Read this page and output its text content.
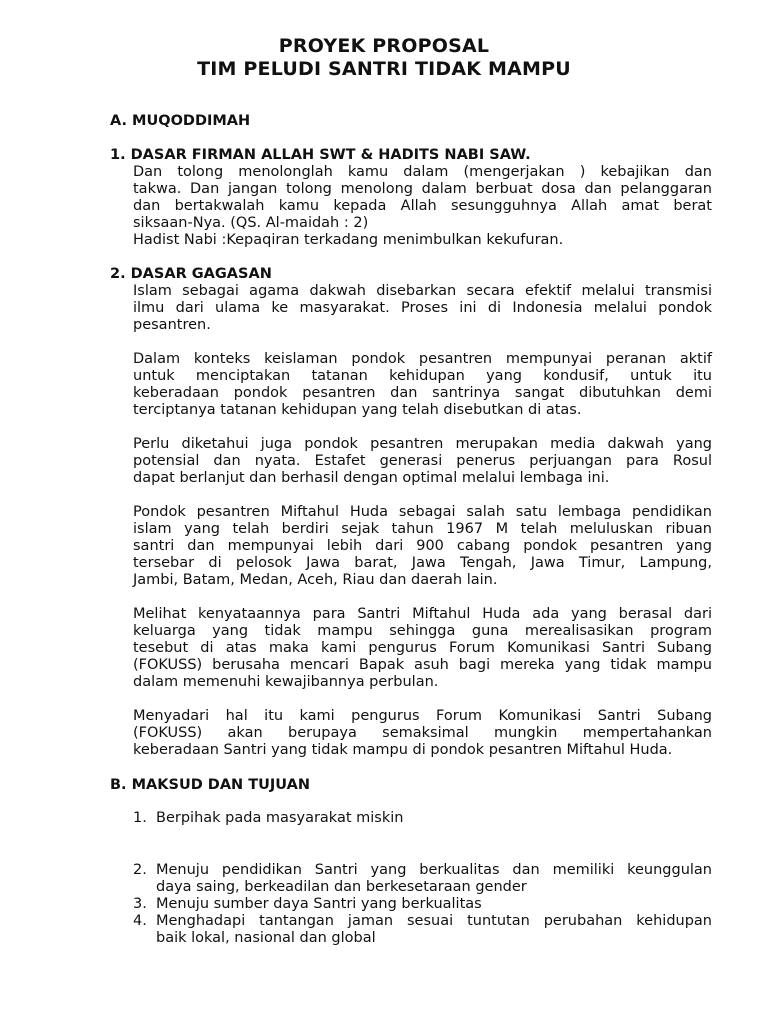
PROYEK PROPOSAL
TIM PELUDI SANTRI TIDAK MAMPU
A. MUQODDIMAH
1. DASAR FIRMAN ALLAH SWT & HADITS NABI SAW.
Dan tolong menolonglah kamu dalam (mengerjakan ) kebajikan dan
takwa. Dan jangan tolong menolong dalam berbuat dosa dan pelanggaran
dan bertakwalah kamu kepada Allah sesungguhnya Allah amat berat
siksaan-Nya. (QS. Al-maidah : 2)
Hadist Nabi :Kepaqiran terkadang menimbulkan kekufuran.
2. DASAR GAGASAN
Islam sebagai agama dakwah disebarkan secara efektif melalui transmisi
ilmu dari ulama ke masyarakat. Proses ini di Indonesia melalui pondok
pesantren.
Dalam konteks keislaman pondok pesantren mempunyai peranan aktif
untuk menciptakan tatanan kehidupan yang kondusif, untuk itu
keberadaan pondok pesantren dan santrinya sangat dibutuhkan demi
terciptanya tatanan kehidupan yang telah disebutkan di atas.
Perlu diketahui juga pondok pesantren merupakan media dakwah yang
potensial dan nyata. Estafet generasi penerus perjuangan para Rosul
dapat berlanjut dan berhasil dengan optimal melalui lembaga ini.
Pondok pesantren Miftahul Huda sebagai salah satu lembaga pendidikan
islam yang telah berdiri sejak tahun 1967 M telah meluluskan ribuan
santri dan mempunyai lebih dari 900 cabang pondok pesantren yang
tersebar di pelosok Jawa barat, Jawa Tengah, Jawa Timur, Lampung,
Jambi, Batam, Medan, Aceh, Riau dan daerah lain.
Melihat kenyataannya para Santri Miftahul Huda ada yang berasal dari
keluarga yang tidak mampu sehingga guna merealisasikan program
tesebut di atas maka kami pengurus Forum Komunikasi Santri Subang
(FOKUSS) berusaha mencari Bapak asuh bagi mereka yang tidak mampu
dalam memenuhi kewajibannya perbulan.
Menyadari hal itu kami pengurus Forum Komunikasi Santri Subang
(FOKUSS) akan berupaya semaksimal mungkin mempertahankan
keberadaan Santri yang tidak mampu di pondok pesantren Miftahul Huda.
B. MAKSUD DAN TUJUAN
1. Berpihak pada masyarakat miskin
2. Menuju pendidikan Santri yang berkualitas dan memiliki keunggulan
daya saing, berkeadilan dan berkesetaraan gender
3. Menuju sumber daya Santri yang berkualitas
4. Menghadapi tantangan jaman sesuai tuntutan perubahan kehidupan
baik lokal, nasional dan global
